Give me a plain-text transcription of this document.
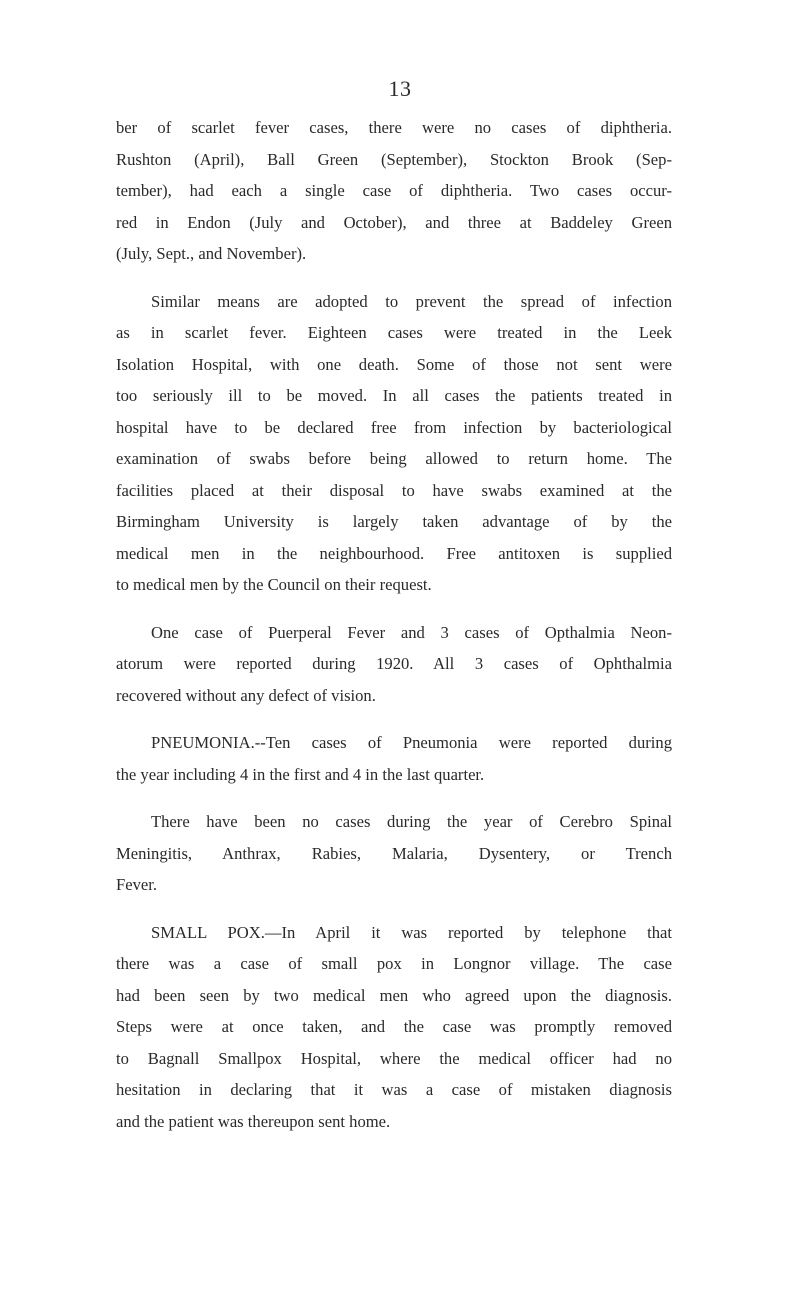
13
ber of scarlet fever cases, there were no cases of diphtheria.
Rushton (April), Ball Green (September), Stockton Brook (Sep-
tember), had each a single case of diphtheria. Two cases occur-
red in Endon (July and October), and three at Baddeley Green
(July, Sept., and November).
Similar means are adopted to prevent the spread of infection
as in scarlet fever. Eighteen cases were treated in the Leek
Isolation Hospital, with one death. Some of those not sent were
too seriously ill to be moved. In all cases the patients treated in
hospital have to be declared free from infection by bacteriological
examination of swabs before being allowed to return home. The
facilities placed at their disposal to have swabs examined at the
Birmingham University is largely taken advantage of by the
medical men in the neighbourhood. Free antitoxen is supplied
to medical men by the Council on their request.
One case of Puerperal Fever and 3 cases of Opthalmia Neon-
atorum were reported during 1920. All 3 cases of Ophthalmia
recovered without any defect of vision.
PNEUMONIA.--Ten cases of Pneumonia were reported during
the year including 4 in the first and 4 in the last quarter.
There have been no cases during the year of Cerebro Spinal
Meningitis, Anthrax, Rabies, Malaria, Dysentery, or Trench
Fever.
SMALL POX.—In April it was reported by telephone that
there was a case of small pox in Longnor village. The case
had been seen by two medical men who agreed upon the diagnosis.
Steps were at once taken, and the case was promptly removed
to Bagnall Smallpox Hospital, where the medical officer had no
hesitation in declaring that it was a case of mistaken diagnosis
and the patient was thereupon sent home.
